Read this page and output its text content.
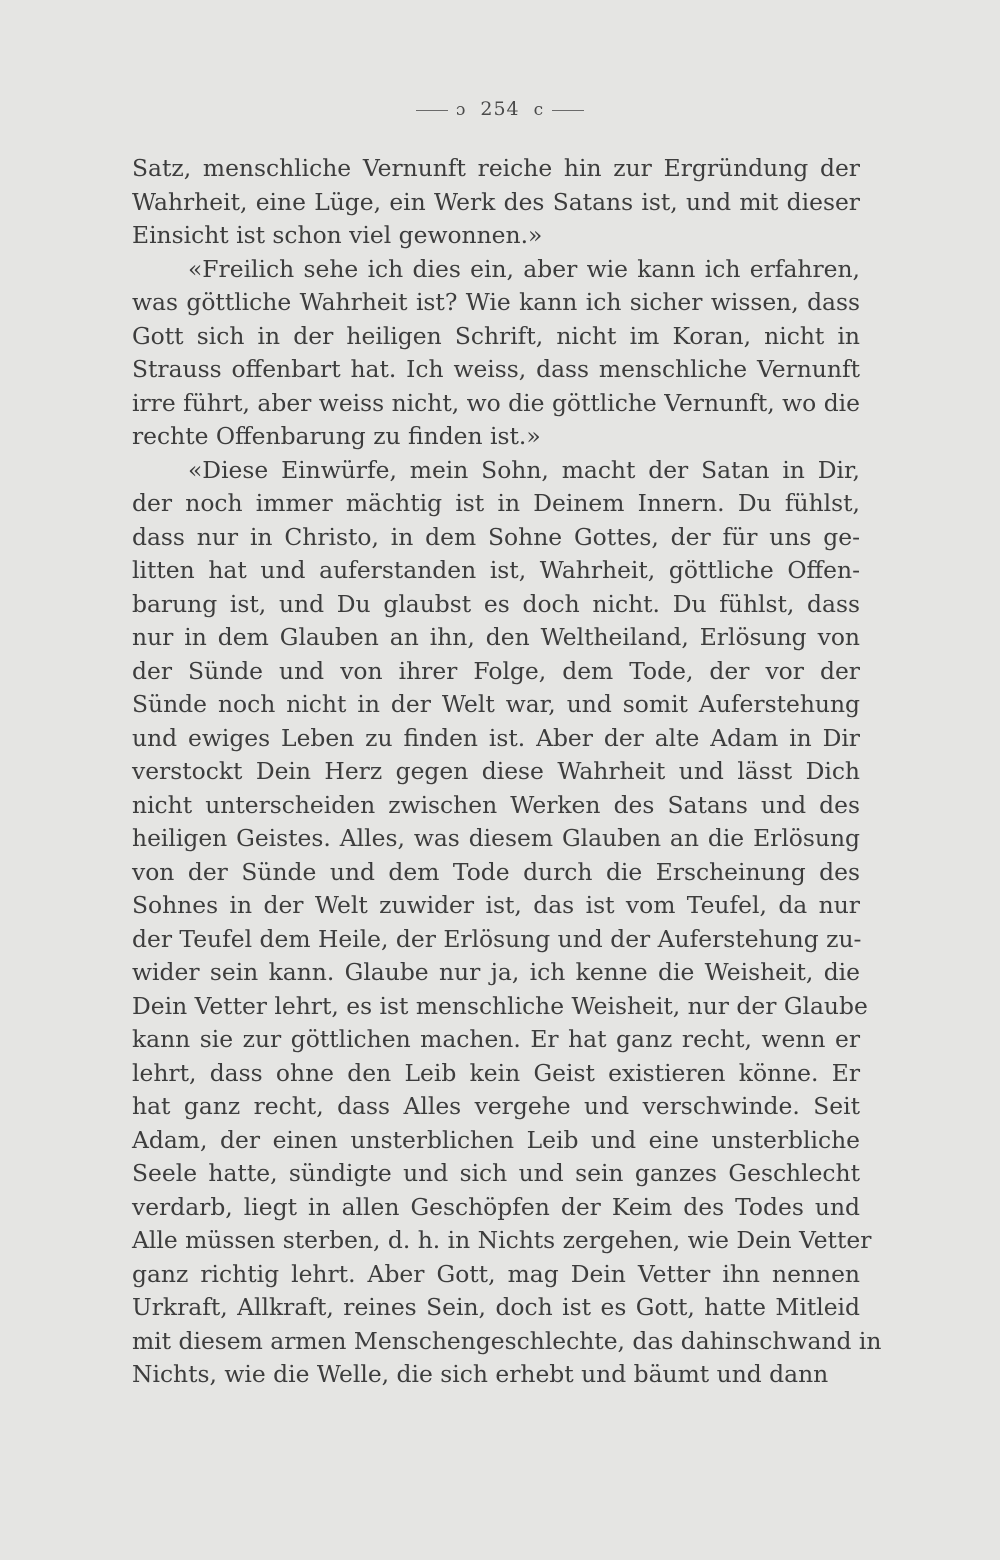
ɔ 254 c

Satz, menschliche Vernunft reiche hin zur Ergründung der
Wahrheit, eine Lüge, ein Werk des Satans ist, und mit dieser
Einsicht ist schon viel gewonnen.»

«Freilich sehe ich dies ein, aber wie kann ich erfahren,
was göttliche Wahrheit ist? Wie kann ich sicher wissen, dass
Gott sich in der heiligen Schrift, nicht im Koran, nicht in
Strauss offenbart hat. Ich weiss, dass menschliche Vernunft
irre führt, aber weiss nicht, wo die göttliche Vernunft, wo die
rechte Offenbarung zu finden ist.»

«Diese Einwürfe, mein Sohn, macht der Satan in Dir,
der noch immer mächtig ist in Deinem Innern. Du fühlst,
dass nur in Christo, in dem Sohne Gottes, der für uns ge-
litten hat und auferstanden ist, Wahrheit, göttliche Offen-
barung ist, und Du glaubst es doch nicht. Du fühlst, dass
nur in dem Glauben an ihn, den Weltheiland, Erlösung von
der Sünde und von ihrer Folge, dem Tode, der vor der
Sünde noch nicht in der Welt war, und somit Auferstehung
und ewiges Leben zu finden ist. Aber der alte Adam in Dir
verstockt Dein Herz gegen diese Wahrheit und lässt Dich
nicht unterscheiden zwischen Werken des Satans und des
heiligen Geistes. Alles, was diesem Glauben an die Erlösung
von der Sünde und dem Tode durch die Erscheinung des
Sohnes in der Welt zuwider ist, das ist vom Teufel, da nur
der Teufel dem Heile, der Erlösung und der Auferstehung zu-
wider sein kann. Glaube nur ja, ich kenne die Weisheit, die
Dein Vetter lehrt, es ist menschliche Weisheit, nur der Glaube
kann sie zur göttlichen machen. Er hat ganz recht, wenn er
lehrt, dass ohne den Leib kein Geist existieren könne. Er
hat ganz recht, dass Alles vergehe und verschwinde. Seit
Adam, der einen unsterblichen Leib und eine unsterbliche
Seele hatte, sündigte und sich und sein ganzes Geschlecht
verdarb, liegt in allen Geschöpfen der Keim des Todes und
Alle müssen sterben, d. h. in Nichts zergehen, wie Dein Vetter
ganz richtig lehrt. Aber Gott, mag Dein Vetter ihn nennen
Urkraft, Allkraft, reines Sein, doch ist es Gott, hatte Mitleid
mit diesem armen Menschengeschlechte, das dahinschwand in
Nichts, wie die Welle, die sich erhebt und bäumt und dann
